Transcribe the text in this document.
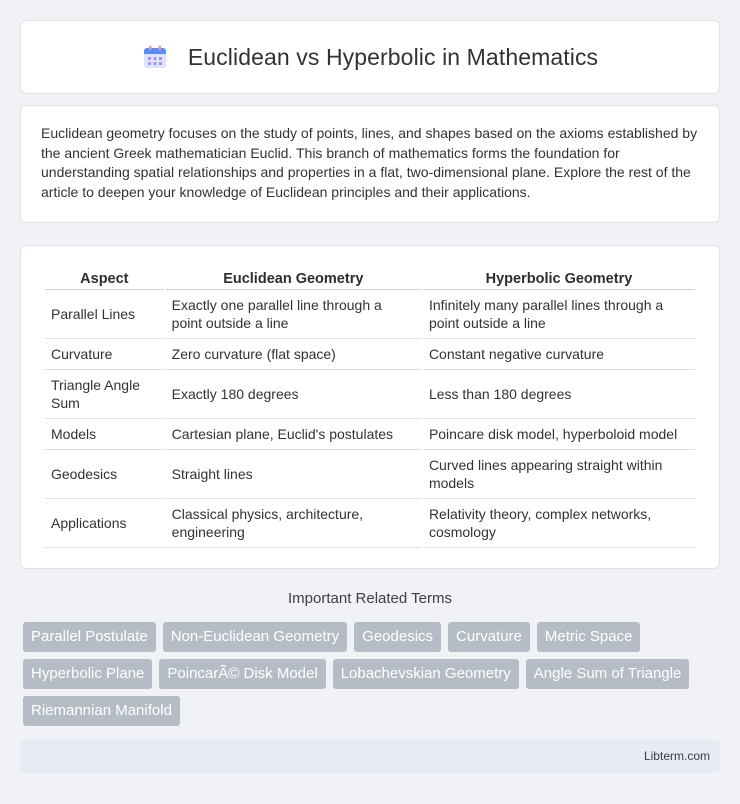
Euclidean vs Hyperbolic in Mathematics

Euclidean geometry focuses on the study of points, lines, and shapes based on the axioms established by the ancient Greek mathematician Euclid. This branch of mathematics forms the foundation for understanding spatial relationships and properties in a flat, two-dimensional plane. Explore the rest of the article to deepen your knowledge of Euclidean principles and their applications.

Aspect	Euclidean Geometry	Hyperbolic Geometry
Parallel Lines	Exactly one parallel line through a point outside a line	Infinitely many parallel lines through a point outside a line
Curvature	Zero curvature (flat space)	Constant negative curvature
Triangle Angle Sum	Exactly 180 degrees	Less than 180 degrees
Models	Cartesian plane, Euclid's postulates	Poincare disk model, hyperboloid model
Geodesics	Straight lines	Curved lines appearing straight within models
Applications	Classical physics, architecture, engineering	Relativity theory, complex networks, cosmology
Important Related Terms
Parallel Postulate	Non-Euclidean Geometry	Geodesics	Curvature	Metric Space
Hyperbolic Plane	PoincarÃ© Disk Model	Lobachevskian Geometry	Angle Sum of Triangle
Riemannian Manifold
Libterm.com
